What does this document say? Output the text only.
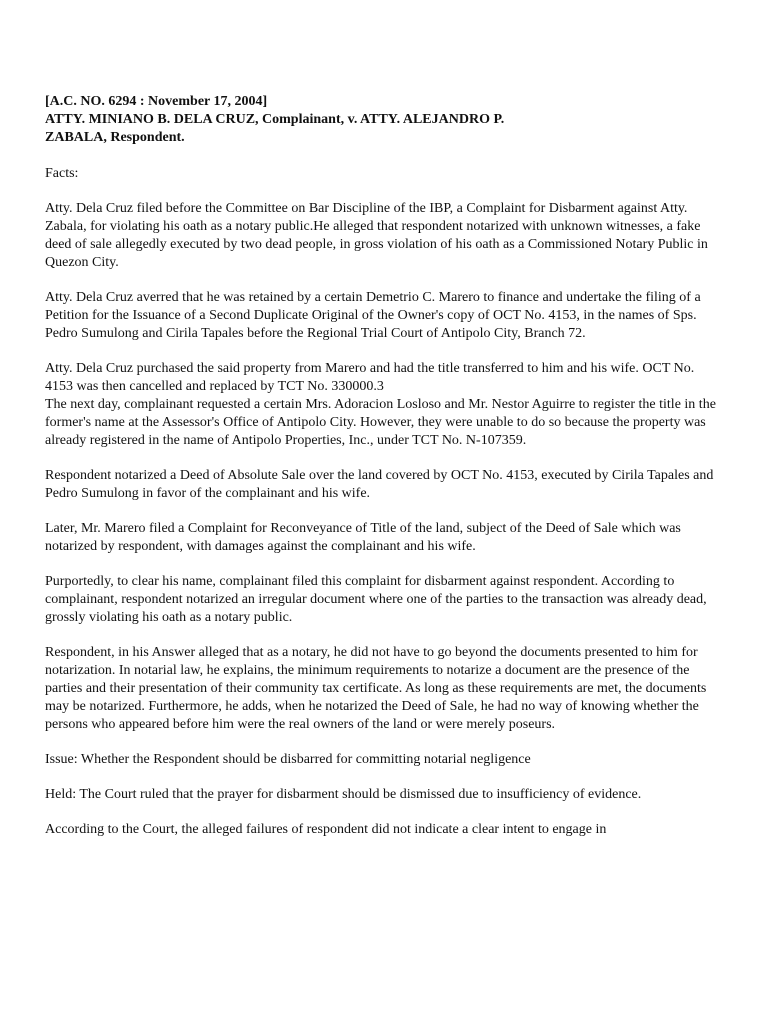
[A.C. NO. 6294 : November 17, 2004]
ATTY. MINIANO B. DELA CRUZ, Complainant, v. ATTY. ALEJANDRO P.
ZABALA, Respondent.

Facts:

Atty. Dela Cruz filed before the Committee on Bar Discipline of the IBP, a Complaint for Disbarment against Atty. Zabala, for violating his oath as a notary public.He alleged that respondent notarized with unknown witnesses, a fake deed of sale allegedly executed by two dead people, in gross violation of his oath as a Commissioned Notary Public in Quezon City.

Atty. Dela Cruz averred that he was retained by a certain Demetrio C. Marero to finance and undertake the filing of a Petition for the Issuance of a Second Duplicate Original of the Owner's copy of OCT No. 4153, in the names of Sps. Pedro Sumulong and Cirila Tapales before the Regional Trial Court of Antipolo City, Branch 72.

Atty. Dela Cruz purchased the said property from Marero and had the title transferred to him and his wife. OCT No. 4153 was then cancelled and replaced by TCT No. 330000.3
The next day, complainant requested a certain Mrs. Adoracion Losloso and Mr. Nestor Aguirre to register the title in the former's name at the Assessor's Office of Antipolo City. However, they were unable to do so because the property was already registered in the name of Antipolo Properties, Inc., under TCT No. N-107359.

Respondent notarized a Deed of Absolute Sale over the land covered by OCT No. 4153, executed by Cirila Tapales and Pedro Sumulong in favor of the complainant and his wife.

Later, Mr. Marero filed a Complaint for Reconveyance of Title of the land, subject of the Deed of Sale which was notarized by respondent, with damages against the complainant and his wife.

Purportedly, to clear his name, complainant filed this complaint for disbarment against respondent. According to complainant, respondent notarized an irregular document where one of the parties to the transaction was already dead, grossly violating his oath as a notary public.

Respondent, in his Answer alleged that as a notary, he did not have to go beyond the documents presented to him for notarization. In notarial law, he explains, the minimum requirements to notarize a document are the presence of the parties and their presentation of their community tax certificate. As long as these requirements are met, the documents may be notarized. Furthermore, he adds, when he notarized the Deed of Sale, he had no way of knowing whether the persons who appeared before him were the real owners of the land or were merely poseurs.

Issue: Whether the Respondent should be disbarred for committing notarial negligence

Held: The Court ruled that the prayer for disbarment should be dismissed due to insufficiency of evidence.

According to the Court, the alleged failures of respondent did not indicate a clear intent to engage in
